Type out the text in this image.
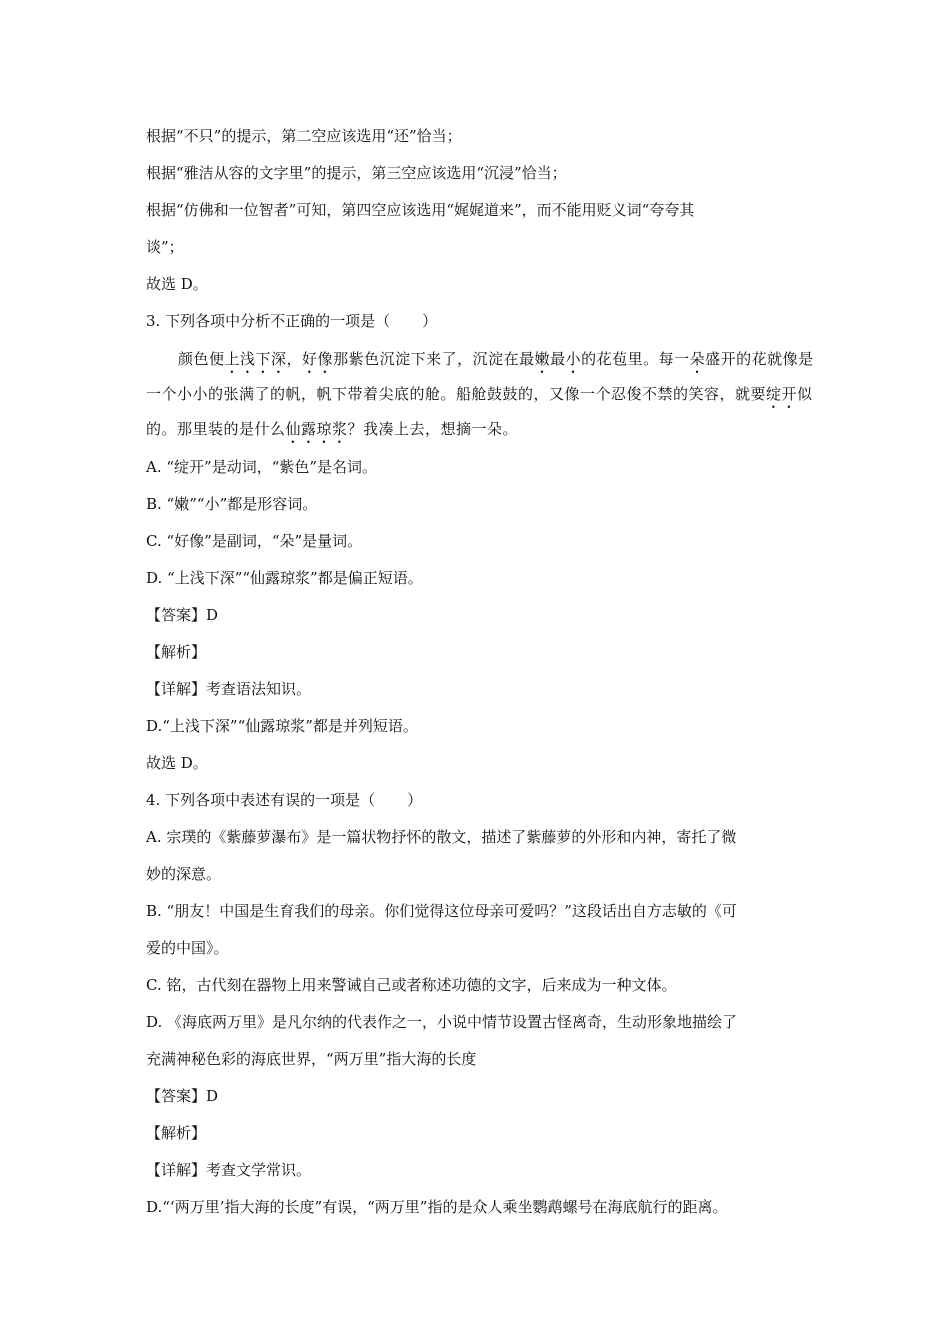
根据“不只”的提示，第二空应该选用“还”恰当；
根据“雅洁从容的文字里”的提示，第三空应该选用“沉浸”恰当；
根据“仿佛和一位智者”可知，第四空应该选用“娓娓道来”，而不能用贬义词“夸夸其
谈”；
故选 D。
3. 下列各项中分析不正确的一项是（ ）
颜色便上浅下深，好像那紫色沉淀下来了，沉淀在最嫩最小的花苞里。每一朵盛开的花就像是一个小小的张满了的帆，帆下带着尖底的舱。船舱鼓鼓的，又像一个忍俊不禁的笑容，就要绽开似的。那里装的是什么仙露琼浆？我凑上去，想摘一朵。
A. “绽开”是动词，“紫色”是名词。
B. “嫩”“小”都是形容词。
C. “好像”是副词，“朵”是量词。
D. “上浅下深”“仙露琼浆”都是偏正短语。
【答案】D
【解析】
【详解】考查语法知识。
D.“上浅下深”“仙露琼浆”都是并列短语。
故选 D。
4. 下列各项中表述有误的一项是（ ）
A. 宗璞的《紫藤萝瀑布》是一篇状物抒怀的散文，描述了紫藤萝的外形和内神，寄托了微
妙的深意。
B. “朋友！中国是生育我们的母亲。你们觉得这位母亲可爱吗？”这段话出自方志敏的《可
爱的中国》。
C. 铭，古代刻在器物上用来警诫自己或者称述功德的文字，后来成为一种文体。
D. 《海底两万里》是凡尔纳的代表作之一，小说中情节设置古怪离奇，生动形象地描绘了
充满神秘色彩的海底世界，“两万里”指大海的长度
【答案】D
【解析】
【详解】考查文学常识。
D.“‘两万里’指大海的长度”有误，“两万里”指的是众人乘坐鹦鹉螺号在海底航行的距离。
